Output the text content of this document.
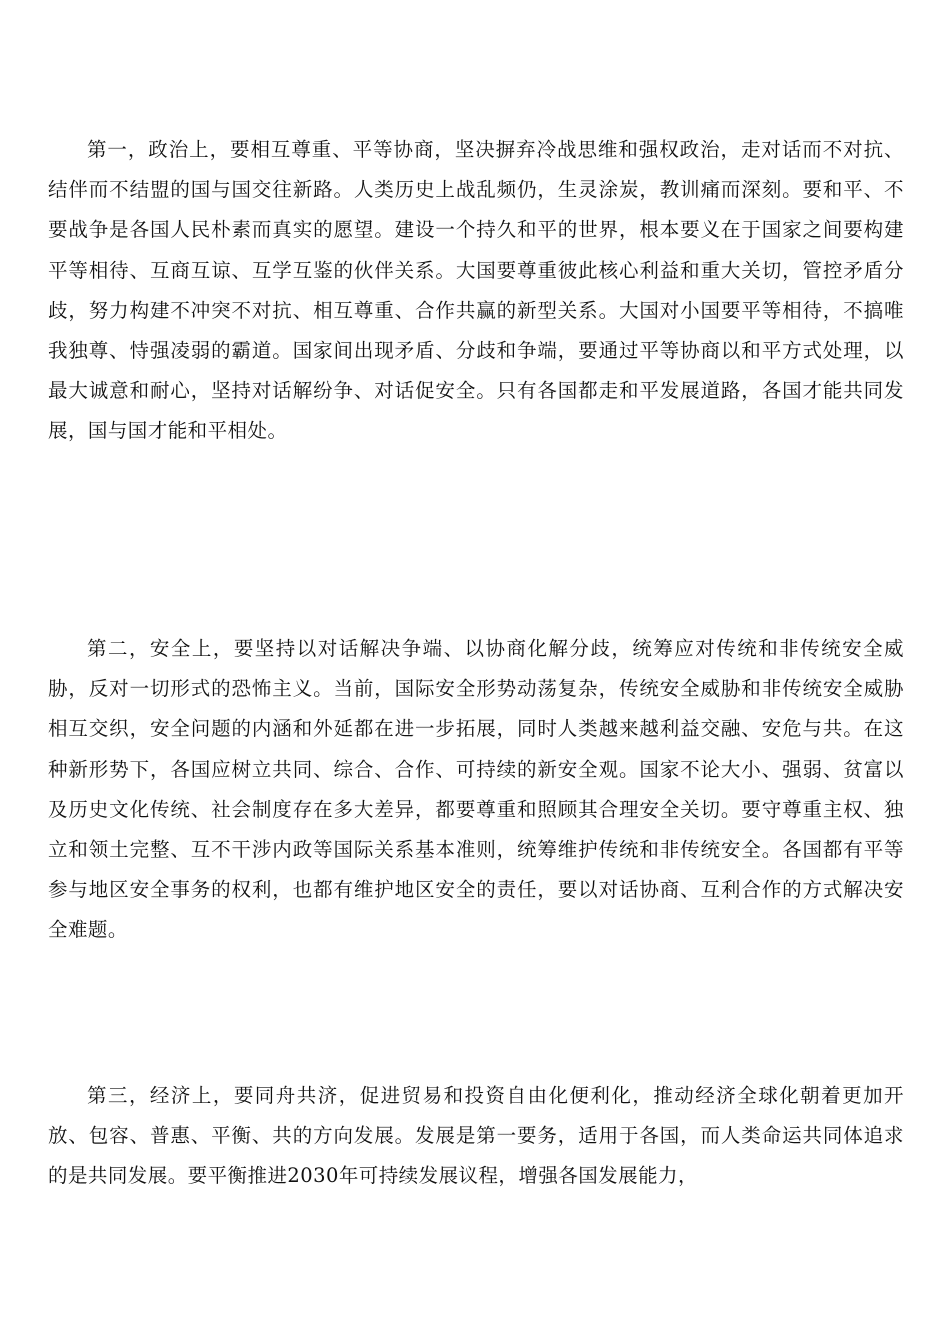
第一，政治上，要相互尊重、平等协商，坚决摒弃冷战思维和强权政治，走对话而不对抗、结伴而不结盟的国与国交往新路。人类历史上战乱频仍，生灵涂炭，教训痛而深刻。要和平、不要战争是各国人民朴素而真实的愿望。建设一个持久和平的世界，根本要义在于国家之间要构建平等相待、互商互谅、互学互鉴的伙伴关系。大国要尊重彼此核心利益和重大关切，管控矛盾分歧，努力构建不冲突不对抗、相互尊重、合作共赢的新型关系。大国对小国要平等相待，不搞唯我独尊、恃强凌弱的霸道。国家间出现矛盾、分歧和争端，要通过平等协商以和平方式处理，以最大诚意和耐心，坚持对话解纷争、对话促安全。只有各国都走和平发展道路，各国才能共同发展，国与国才能和平相处。

第二，安全上，要坚持以对话解决争端、以协商化解分歧，统筹应对传统和非传统安全威胁，反对一切形式的恐怖主义。当前，国际安全形势动荡复杂，传统安全威胁和非传统安全威胁相互交织，安全问题的内涵和外延都在进一步拓展，同时人类越来越利益交融、安危与共。在这种新形势下，各国应树立共同、综合、合作、可持续的新安全观。国家不论大小、强弱、贫富以及历史文化传统、社会制度存在多大差异，都要尊重和照顾其合理安全关切。要守尊重主权、独立和领土完整、互不干涉内政等国际关系基本准则，统筹维护传统和非传统安全。各国都有平等参与地区安全事务的权利，也都有维护地区安全的责任，要以对话协商、互利合作的方式解决安全难题。

第三，经济上，要同舟共济，促进贸易和投资自由化便利化，推动经济全球化朝着更加开放、包容、普惠、平衡、共的方向发展。发展是第一要务，适用于各国，而人类命运共同体追求的是共同发展。要平衡推进2030年可持续发展议程，增强各国发展能力，
